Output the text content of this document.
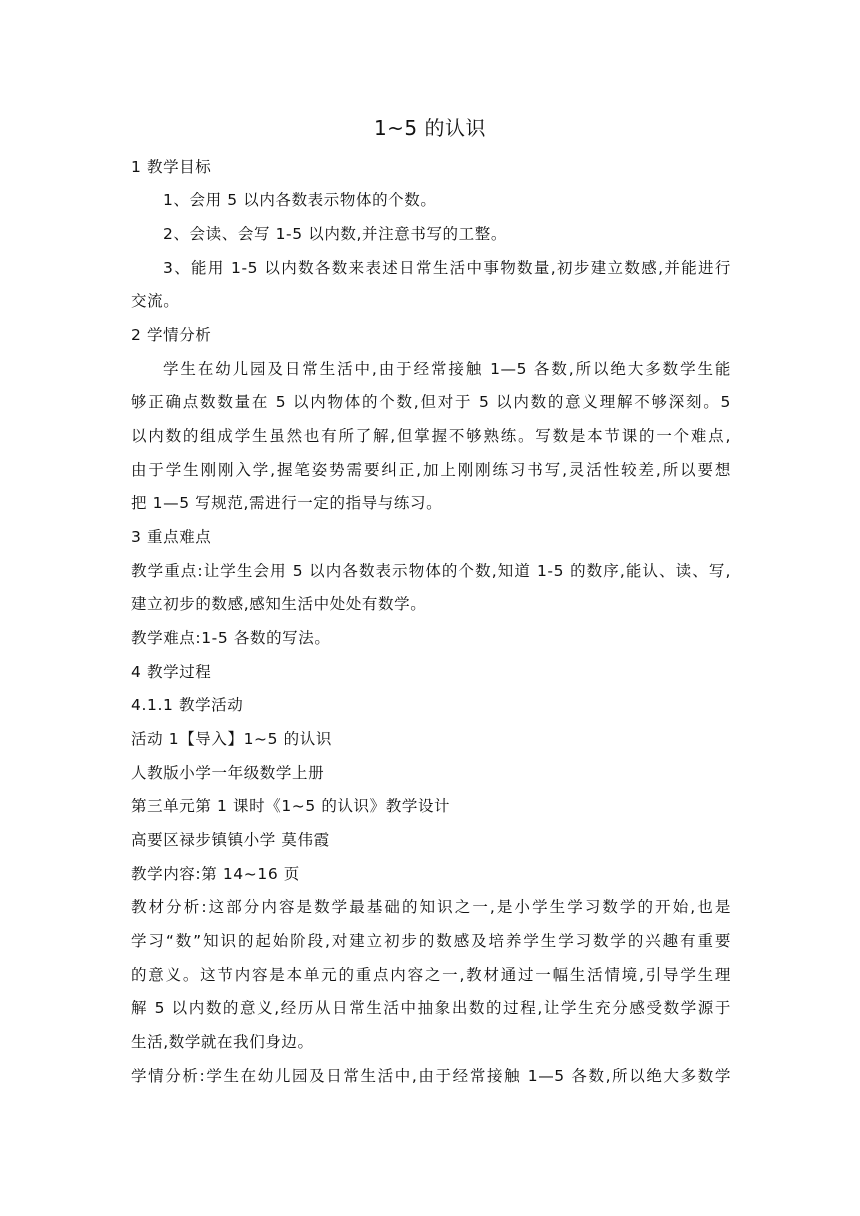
1~5 的认识
1 教学目标
1、会用 5 以内各数表示物体的个数。
2、会读、会写 1-5 以内数,并注意书写的工整。
3、能用 1-5 以内数各数来表述日常生活中事物数量,初步建立数感,并能进行
交流。
2 学情分析
学生在幼儿园及日常生活中,由于经常接触 1—5 各数,所以绝大多数学生能
够正确点数数量在 5 以内物体的个数,但对于 5 以内数的意义理解不够深刻。5
以内数的组成学生虽然也有所了解,但掌握不够熟练。写数是本节课的一个难点,
由于学生刚刚入学,握笔姿势需要纠正,加上刚刚练习书写,灵活性较差,所以要想
把 1—5 写规范,需进行一定的指导与练习。
3 重点难点
教学重点:让学生会用 5 以内各数表示物体的个数,知道 1-5 的数序,能认、读、写,
建立初步的数感,感知生活中处处有数学。
教学难点:1-5 各数的写法。
4 教学过程
4.1.1 教学活动
活动 1【导入】1~5 的认识
人教版小学一年级数学上册
第三单元第 1 课时《1~5 的认识》教学设计
高要区禄步镇镇小学 莫伟霞
教学内容:第 14~16 页
教材分析:这部分内容是数学最基础的知识之一,是小学生学习数学的开始,也是
学习“数”知识的起始阶段,对建立初步的数感及培养学生学习数学的兴趣有重要
的意义。这节内容是本单元的重点内容之一,教材通过一幅生活情境,引导学生理
解 5 以内数的意义,经历从日常生活中抽象出数的过程,让学生充分感受数学源于
生活,数学就在我们身边。
学情分析:学生在幼儿园及日常生活中,由于经常接触 1—5 各数,所以绝大多数学
